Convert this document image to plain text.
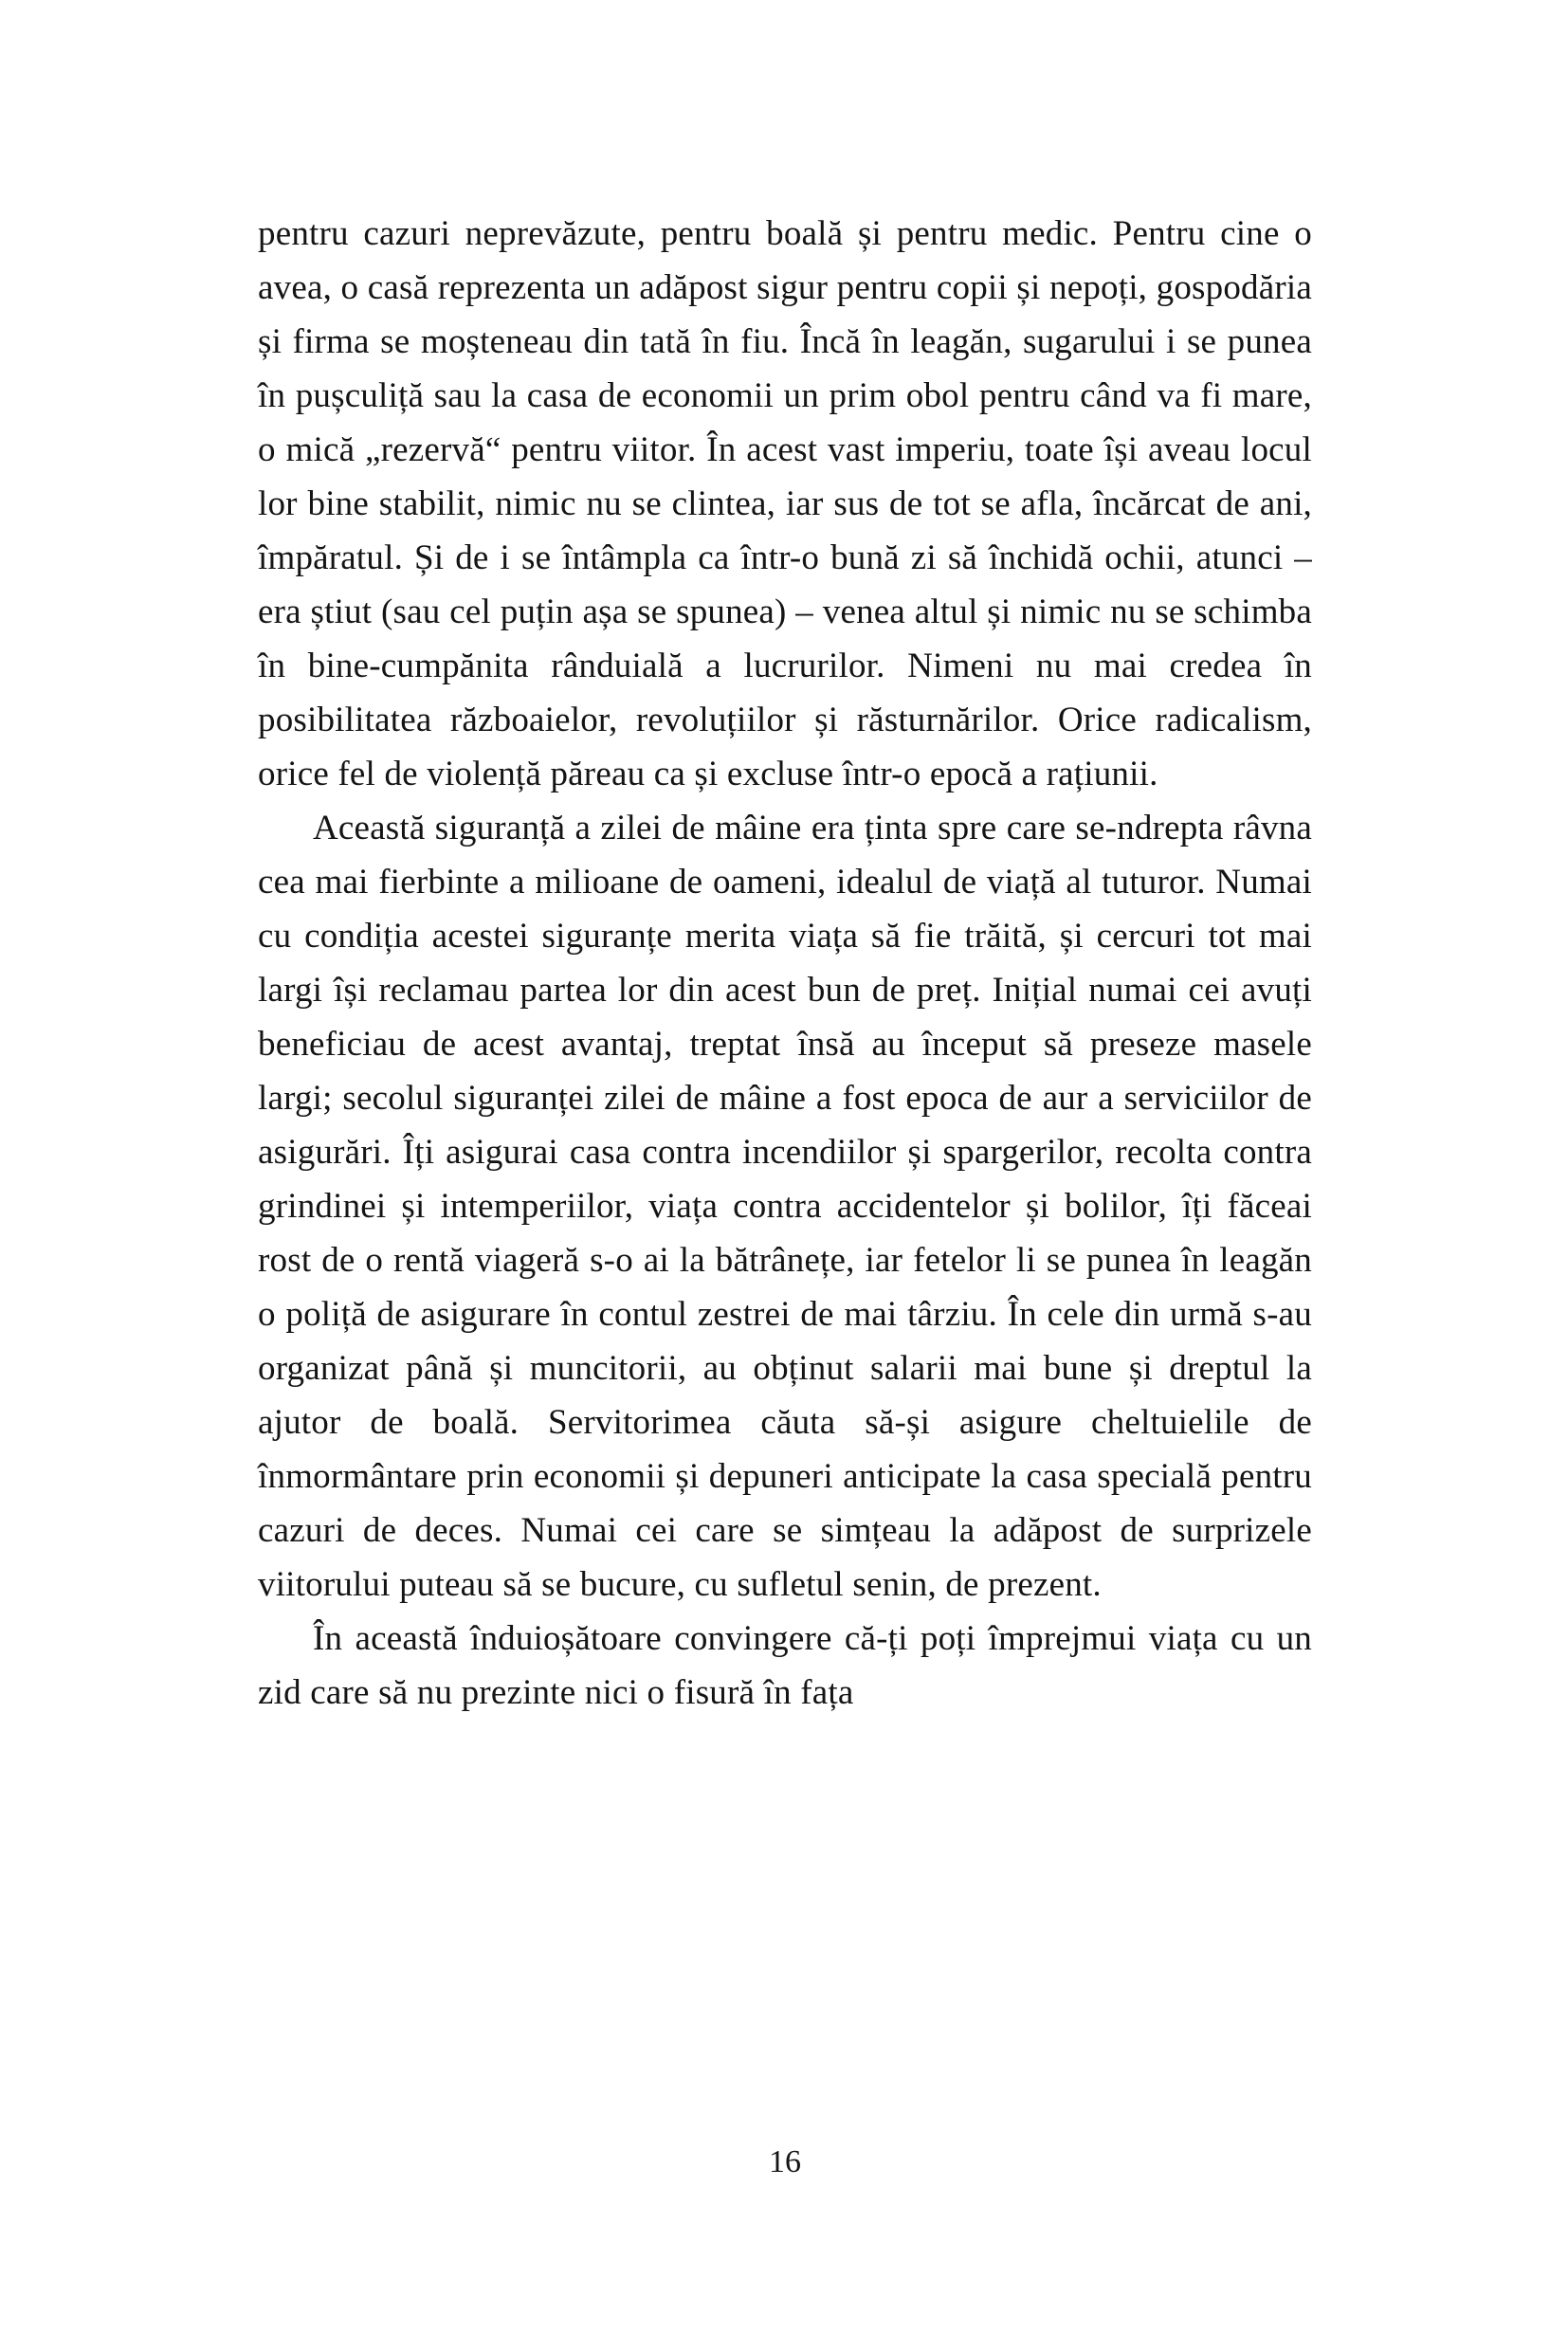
pentru cazuri neprevăzute, pentru boală și pentru medic. Pentru cine o avea, o casă reprezenta un adăpost sigur pentru copii și nepoți, gospodăria și firma se moșteneau din tată în fiu. Încă în leagăn, sugarului i se punea în pușculiță sau la casa de economii un prim obol pentru când va fi mare, o mică „rezervă“ pentru viitor. În acest vast imperiu, toate își aveau locul lor bine stabilit, nimic nu se clintea, iar sus de tot se afla, încărcat de ani, împăratul. Și de i se întâmpla ca într-o bună zi să închidă ochii, atunci – era știut (sau cel puțin așa se spunea) – venea altul și nimic nu se schimba în bine-cumpănita rânduială a lucrurilor. Nimeni nu mai credea în posibilitatea războaielor, revoluțiilor și răsturnărilor. Orice radicalism, orice fel de violență păreau ca și excluse într-o epocă a rațiunii.

Această siguranță a zilei de mâine era ținta spre care se-ndrepta râvna cea mai fierbinte a milioane de oameni, idealul de viață al tuturor. Numai cu condiția acestei siguranțe merita viața să fie trăită, și cercuri tot mai largi își reclamau partea lor din acest bun de preț. Inițial numai cei avuți beneficiau de acest avantaj, treptat însă au început să preseze masele largi; secolul siguranței zilei de mâine a fost epoca de aur a serviciilor de asigurări. Îți asigurai casa contra incendiilor și spargerilor, recolta contra grindinei și intemperiilor, viața contra accidentelor și bolilor, îți făceai rost de o rentă viageră s-o ai la bătrânețe, iar fetelor li se punea în leagăn o poliță de asigurare în contul zestrei de mai târziu. În cele din urmă s-au organizat până și muncitorii, au obținut salarii mai bune și dreptul la ajutor de boală. Servitorimea căuta să-și asigure cheltuielile de înmormântare prin economii și depuneri anticipate la casa specială pentru cazuri de deces. Numai cei care se simțeau la adăpost de surprizele viitorului puteau să se bucure, cu sufletul senin, de prezent.

În această înduioșătoare convingere că-ți poți împrejmui viața cu un zid care să nu prezinte nici o fisură în fața

16
